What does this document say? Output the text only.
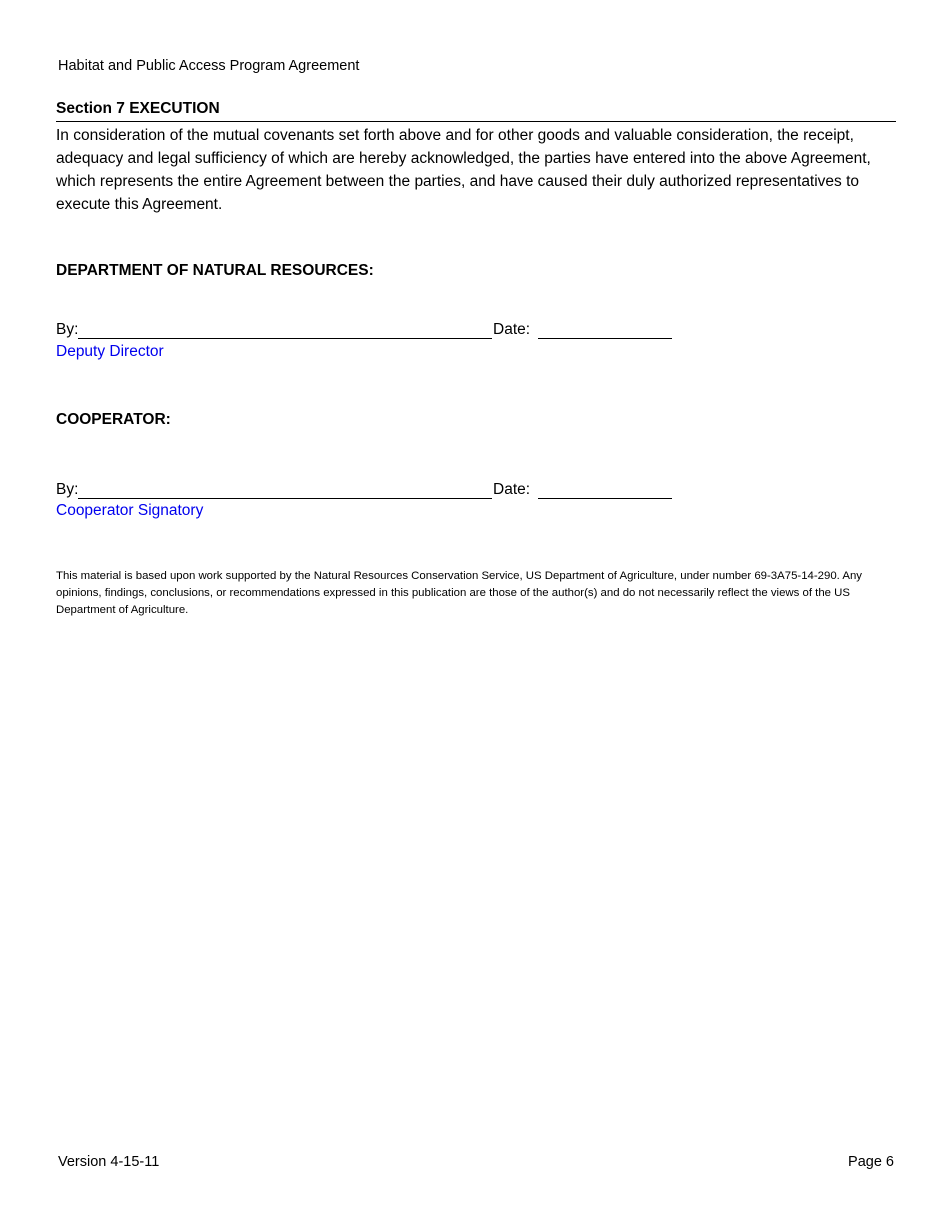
Habitat and Public Access Program Agreement
Section 7 EXECUTION

In consideration of the mutual covenants set forth above and for other goods and valuable consideration, the receipt, adequacy and legal sufficiency of which are hereby acknowledged, the parties have entered into the above Agreement, which represents the entire Agreement between the parties, and have caused their duly authorized representatives to execute this Agreement.

DEPARTMENT OF NATURAL RESOURCES:
By:	Date:
Deputy Director
COOPERATOR:
By:	Date:
Cooperator Signatory

This material is based upon work supported by the Natural Resources Conservation Service, US Department of Agriculture, under number 69-3A75-14-290. Any opinions, findings, conclusions, or recommendations expressed in this publication are those of the author(s) and do not necessarily reflect the views of the US Department of Agriculture.

Version 4-15-11	Page 6
